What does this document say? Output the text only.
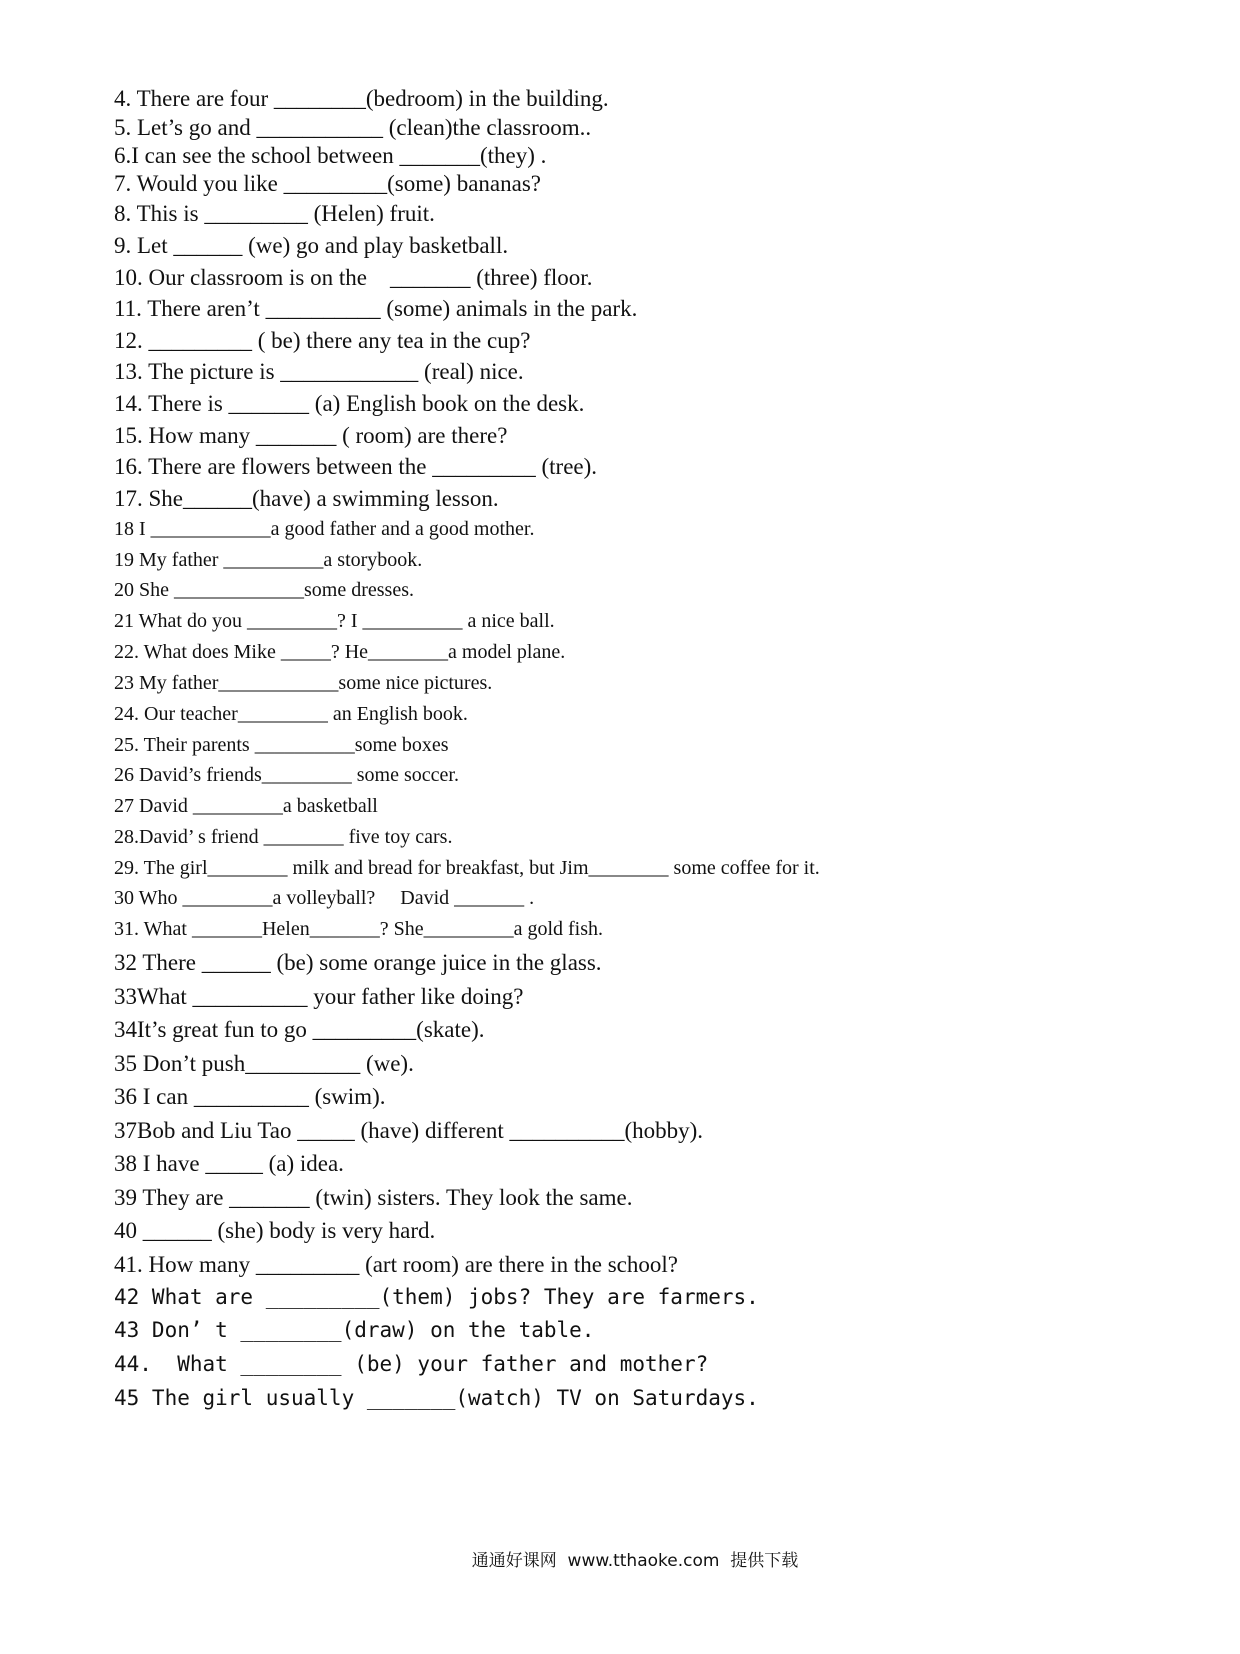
4. There are four ________(bedroom) in the building.
5. Let’s go and ___________ (clean)the classroom..
6.I can see the school between _______(they) .
7. Would you like _________(some) bananas?
8. This is _________ (Helen) fruit.
9. Let ______ (we) go and play basketball.
10. Our classroom is on the    _______ (three) floor.
11. There aren’t __________ (some) animals in the park.
12. _________ ( be) there any tea in the cup?
13. The picture is ____________ (real) nice.
14. There is _______ (a) English book on the desk.
15. How many _______ ( room) are there?
16. There are flowers between the _________ (tree).
17. She______(have) a swimming lesson.
18 I ____________a good father and a good mother.
19 My father __________a storybook.
20 She _____________some dresses.
21 What do you _________? I __________ a nice ball.
22. What does Mike _____? He________a model plane.
23 My father____________some nice pictures.
24. Our teacher_________ an English book.
25. Their parents __________some boxes
26 David’s friends_________ some soccer.
27 David _________a basketball
28.David’ s friend ________ five toy cars.
29. The girl________ milk and bread for breakfast, but Jim________ some coffee for it.
30 Who _________a volleyball?     David _______ .
31. What _______Helen_______? She_________a gold fish.
32 There ______ (be) some orange juice in the glass.
33What __________ your father like doing?
34It’s great fun to go _________(skate).
35 Don’t push__________ (we).
36 I can __________ (swim).
37Bob and Liu Tao _____ (have) different __________(hobby).
38 I have _____ (a) idea.
39 They are _______ (twin) sisters. They look the same.
40 ______ (she) body is very hard.
41. How many _________ (art room) are there in the school?
42 What are _________(them) jobs? They are farmers.
43 Don’ t ________(draw) on the table.
44.  What ________ (be) your father and mother?
45 The girl usually _______(watch) TV on Saturdays.
通通好课网  www.tthaoke.com  提供下载
